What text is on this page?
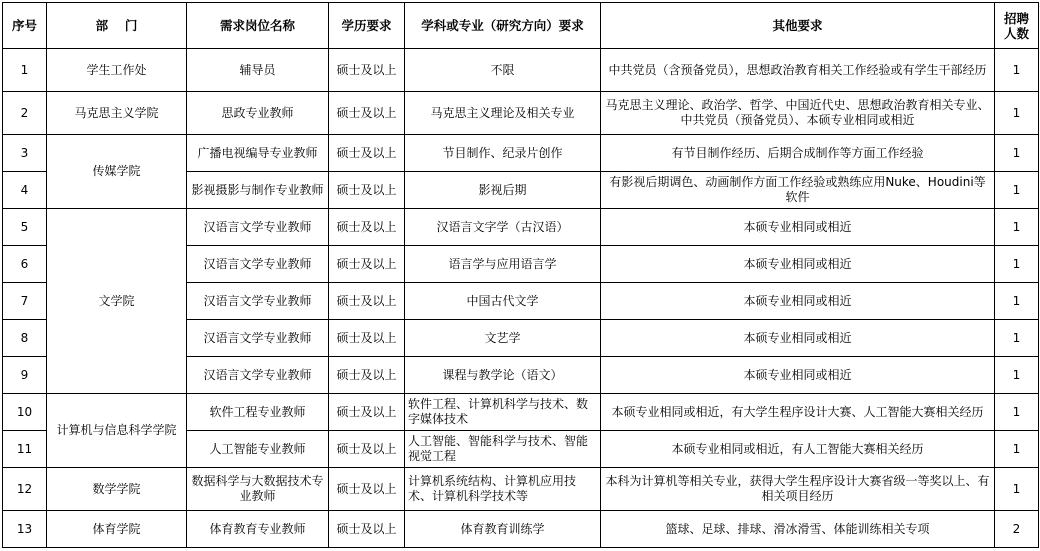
序号	部　 门	需求岗位名称	学历要求	学科或专业（研究方向）要求	其他要求	招聘人数
1	学生工作处	辅导员	硕士及以上	不限	中共党员（含预备党员），思想政治教育相关工作经验或有学生干部经历	1
2	马克思主义学院	思政专业教师	硕士及以上	马克思主义理论及相关专业	马克思主义理论、政治学、哲学、中国近代史、思想政治教育相关专业、中共党员（预备党员）、本硕专业相同或相近	1
3	传媒学院	广播电视编导专业教师	硕士及以上	节目制作、纪录片创作	有节目制作经历、后期合成制作等方面工作经验	1
4		影视摄影与制作专业教师	硕士及以上	影视后期	有影视后期调色、动画制作方面工作经验或熟练应用Nuke、Houdini等软件	1
5	文学院	汉语言文学专业教师	硕士及以上	汉语言文字学（古汉语）	本硕专业相同或相近	1
6		汉语言文学专业教师	硕士及以上	语言学与应用语言学	本硕专业相同或相近	1
7		汉语言文学专业教师	硕士及以上	中国古代文学	本硕专业相同或相近	1
8		汉语言文学专业教师	硕士及以上	文艺学	本硕专业相同或相近	1
9		汉语言文学专业教师	硕士及以上	课程与教学论（语文）	本硕专业相同或相近	1
10	计算机与信息科学学院	软件工程专业教师	硕士及以上	软件工程、计算机科学与技术、数字媒体技术	本硕专业相同或相近，有大学生程序设计大赛、人工智能大赛相关经历	1
11		人工智能专业教师	硕士及以上	人工智能、智能科学与技术、智能视觉工程	本硕专业相同或相近，有人工智能大赛相关经历	1
12	数学学院	数据科学与大数据技术专业教师	硕士及以上	计算机系统结构、计算机应用技术、计算机科学技术等	本科为计算机等相关专业，获得大学生程序设计大赛省级一等奖以上、有相关项目经历	1
13	体育学院	体育教育专业教师	硕士及以上	体育教育训练学	篮球、足球、排球、滑冰滑雪、体能训练相关专项	2
